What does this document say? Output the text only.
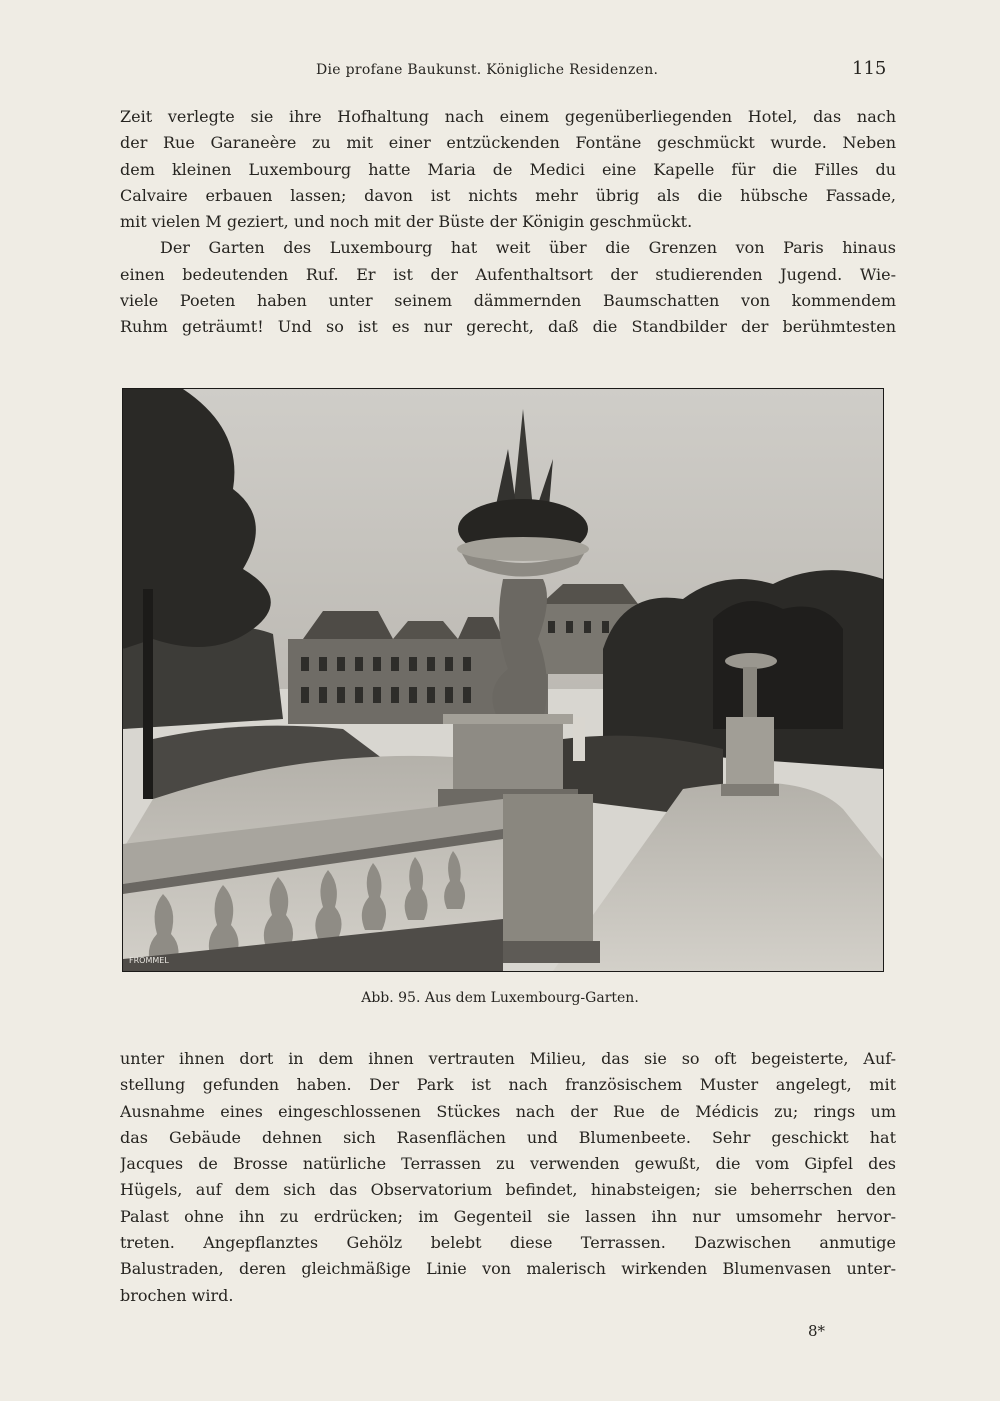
Die profane Baukunst. Königliche Residenzen.	115
Zeit verlegte sie ihre Hofhaltung nach einem gegenüberliegenden Hotel, das nach
der Rue Garaneère zu mit einer entzückenden Fontäne geschmückt wurde. Neben
dem kleinen Luxembourg hatte Maria de Medici eine Kapelle für die Filles du
Calvaire erbauen lassen; davon ist nichts mehr übrig als die hübsche Fassade,
mit vielen M geziert, und noch mit der Büste der Königin geschmückt.
Der Garten des Luxembourg hat weit über die Grenzen von Paris hinaus
einen bedeutenden Ruf. Er ist der Aufenthaltsort der studierenden Jugend. Wie-
viele Poeten haben unter seinem dämmernden Baumschatten von kommendem
Ruhm geträumt! Und so ist es nur gerecht, daß die Standbilder der berühmtesten
FROMMEL
Abb. 95. Aus dem Luxembourg-Garten.
unter ihnen dort in dem ihnen vertrauten Milieu, das sie so oft begeisterte, Auf-
stellung gefunden haben. Der Park ist nach französischem Muster angelegt, mit
Ausnahme eines eingeschlossenen Stückes nach der Rue de Médicis zu; rings um
das Gebäude dehnen sich Rasenflächen und Blumenbeete. Sehr geschickt hat
Jacques de Brosse natürliche Terrassen zu verwenden gewußt, die vom Gipfel des
Hügels, auf dem sich das Observatorium befindet, hinabsteigen; sie beherrschen den
Palast ohne ihn zu erdrücken; im Gegenteil sie lassen ihn nur umsomehr hervor-
treten. Angepflanztes Gehölz belebt diese Terrassen. Dazwischen anmutige
Balustraden, deren gleichmäßige Linie von malerisch wirkenden Blumenvasen unter-
brochen wird.
8*
